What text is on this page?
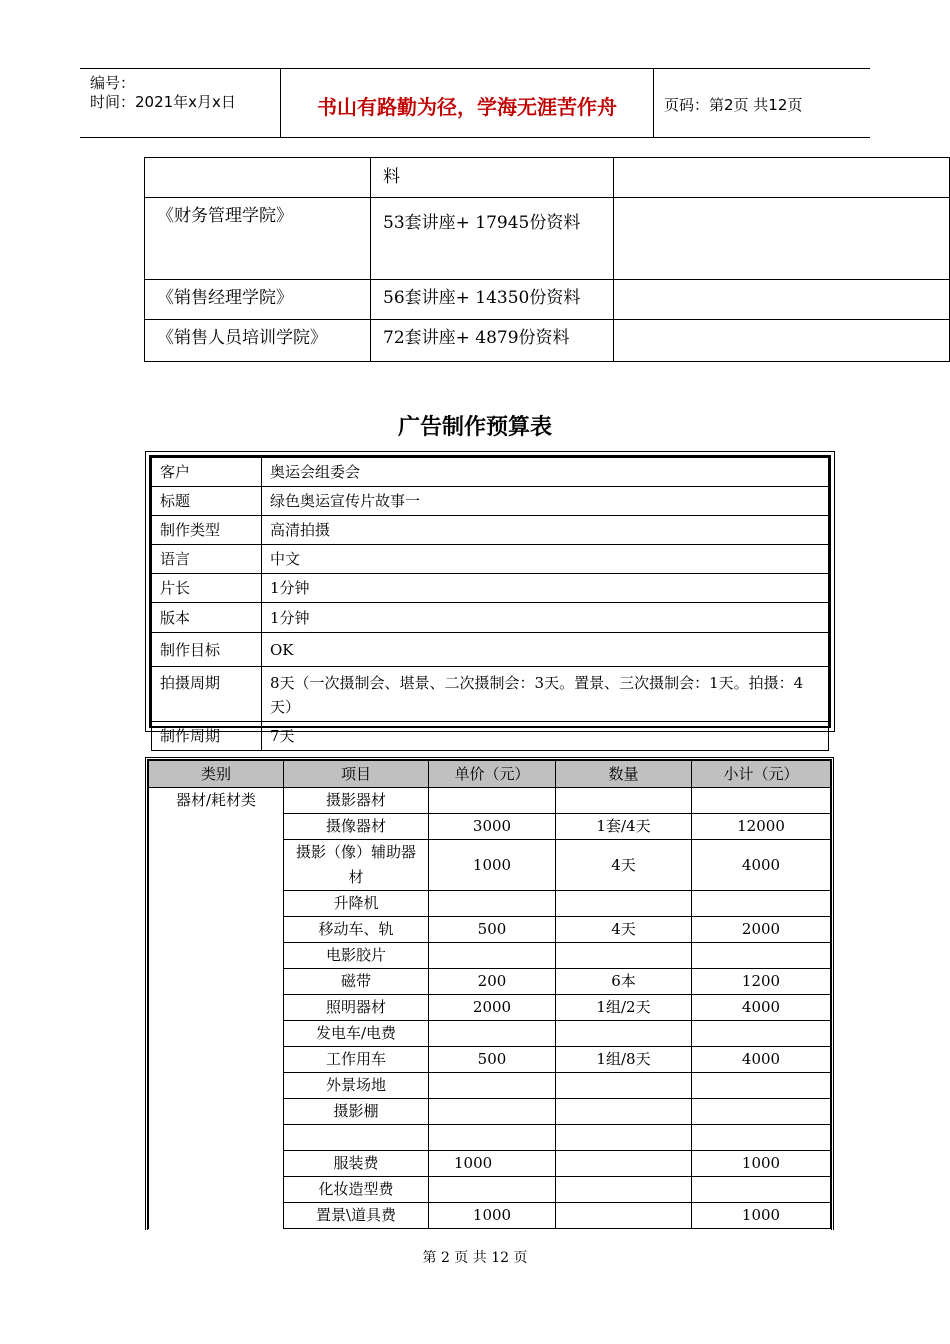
编号：
时间：2021年x月x日	书山有路勤为径，学海无涯苦作舟	页码：第2页 共12页
	料	
《财务管理学院》	53套讲座+ 17945份资料	

《销售经理学院》	56套讲座+ 14350份资料	
《销售人员培训学院》	72套讲座+ 4879份资料	
广告制作预算表
客户	奥运会组委会
标题	绿色奥运宣传片故事一
制作类型	高清拍摄
语言	中文
片长	1分钟
版本	1分钟
制作目标	OK
拍摄周期	8天（一次摄制会、堪景、二次摄制会：3天。置景、三次摄制会：1天。拍摄：4天）
制作周期	7天
类别	项目	单价（元）	数量	小计（元）
器材/耗材类	摄影器材			
	摄像器材	3000	1套/4天	12000
	摄影（像）辅助器材	1000	4天	4000
	升降机			
	移动车、轨	500	4天	2000
	电影胶片			
	磁带	200	6本	1200
	照明器材	2000	1组/2天	4000
	发电车/电费			
	工作用车	500	1组/8天	4000
	外景场地			
	摄影棚			

	服装费	1000		1000
	化妆造型费			
	置景\道具费	1000		1000
第 2 页 共 12 页
